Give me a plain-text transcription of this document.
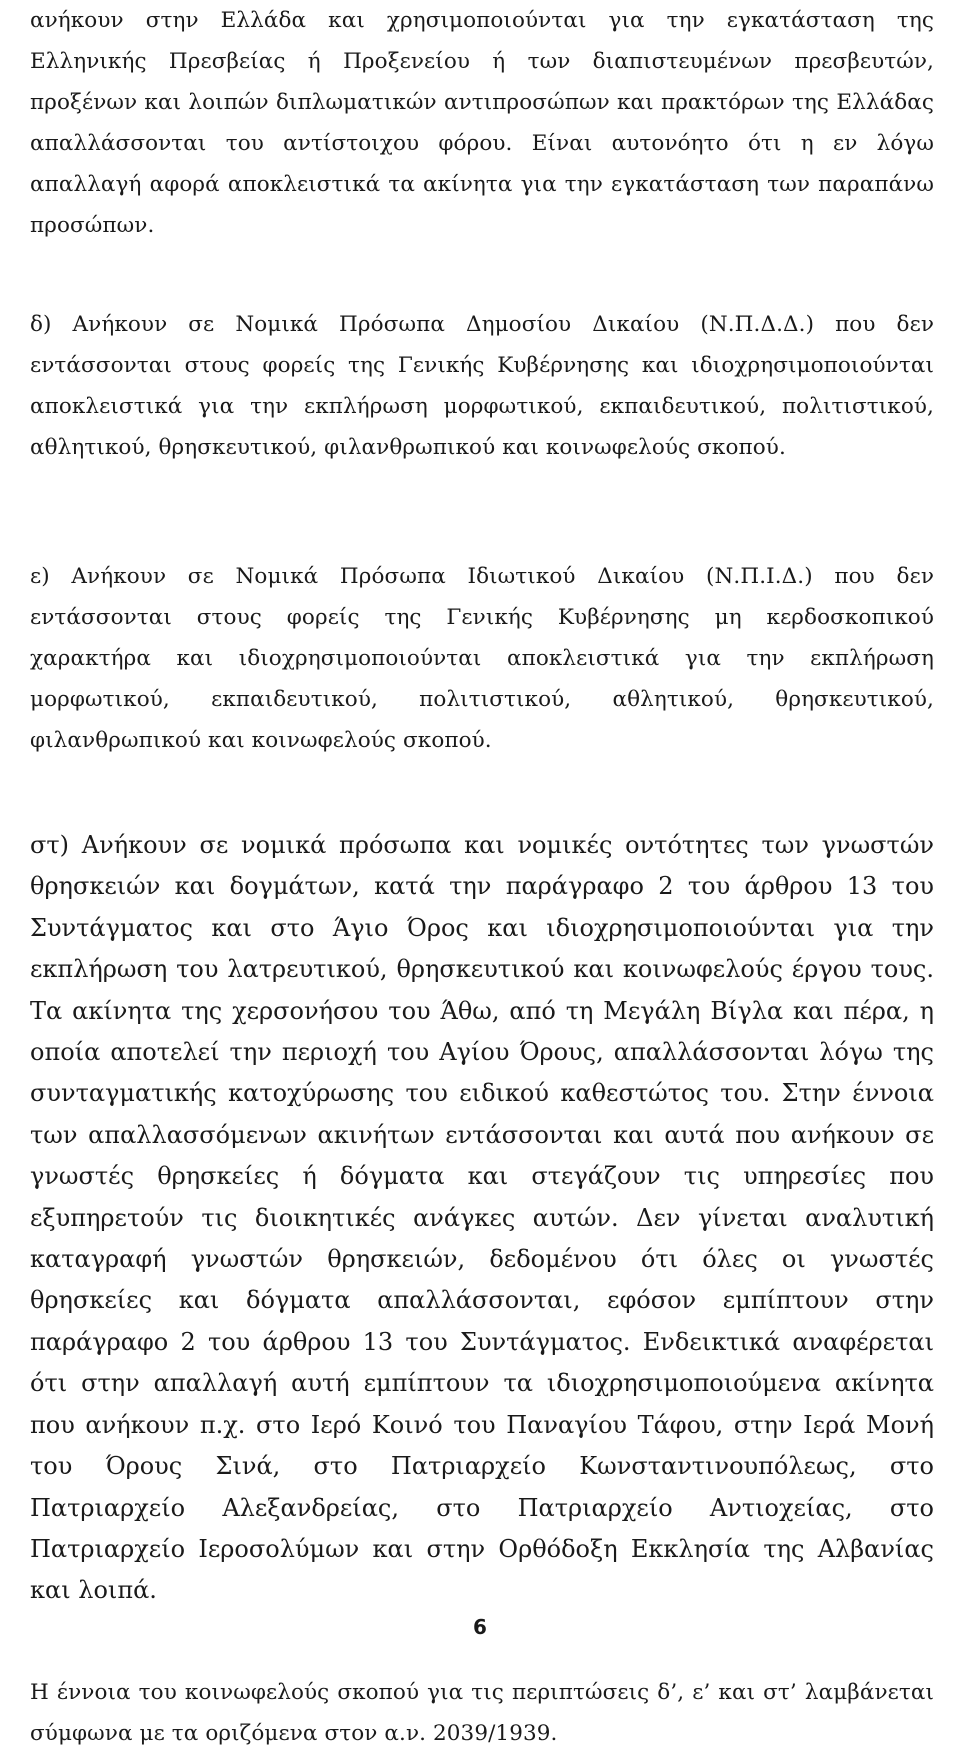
ανήκουν στην Ελλάδα και χρησιμοποιούνται για την εγκατάσταση της Ελληνικής Πρεσβείας ή Προξενείου ή των διαπιστευμένων πρεσβευτών, προξένων και λοιπών διπλωματικών αντιπροσώπων και πρακτόρων της Ελλάδας απαλλάσσονται του αντίστοιχου φόρου. Είναι αυτονόητο ότι η εν λόγω απαλλαγή αφορά αποκλειστικά τα ακίνητα για την εγκατάσταση των παραπάνω προσώπων.

δ) Ανήκουν σε Νομικά Πρόσωπα Δημοσίου Δικαίου (Ν.Π.Δ.Δ.) που δεν εντάσσονται στους φορείς της Γενικής Κυβέρνησης και ιδιοχρησιμοποιούνται αποκλειστικά για την εκπλήρωση μορφωτικού, εκπαιδευτικού, πολιτιστικού, αθλητικού, θρησκευτικού, φιλανθρωπικού και κοινωφελούς σκοπού.

ε) Ανήκουν σε Νομικά Πρόσωπα Ιδιωτικού Δικαίου (Ν.Π.Ι.Δ.) που δεν εντάσσονται στους φορείς της Γενικής Κυβέρνησης μη κερδοσκοπικού χαρακτήρα και ιδιοχρησιμοποιούνται αποκλειστικά για την εκπλήρωση μορφωτικού, εκπαιδευτικού, πολιτιστικού, αθλητικού, θρησκευτικού, φιλανθρωπικού και κοινωφελούς σκοπού.

στ) Ανήκουν σε νομικά πρόσωπα και νομικές οντότητες των γνωστών θρησκειών και δογμάτων, κατά την παράγραφο 2 του άρθρου 13 του Συντάγματος και στο Άγιο Όρος και ιδιοχρησιμοποιούνται για την εκπλήρωση του λατρευτικού, θρησκευτικού και κοινωφελούς έργου τους. Τα ακίνητα της χερσονήσου του Άθω, από τη Μεγάλη Βίγλα και πέρα, η οποία αποτελεί την περιοχή του Αγίου Όρους, απαλλάσσονται λόγω της συνταγματικής κατοχύρωσης του ειδικού καθεστώτος του. Στην έννοια των απαλλασσόμενων ακινήτων εντάσσονται και αυτά που ανήκουν σε γνωστές θρησκείες ή δόγματα και στεγάζουν τις υπηρεσίες που εξυπηρετούν τις διοικητικές ανάγκες αυτών. Δεν γίνεται αναλυτική καταγραφή γνωστών θρησκειών, δεδομένου ότι όλες οι γνωστές θρησκείες και δόγματα απαλλάσσονται, εφόσον εμπίπτουν στην παράγραφο 2 του άρθρου 13 του Συντάγματος. Ενδεικτικά αναφέρεται ότι στην απαλλαγή αυτή εμπίπτουν τα ιδιοχρησιμοποιούμενα ακίνητα που ανήκουν π.χ. στο Ιερό Κοινό του Παναγίου Τάφου, στην Ιερά Μονή του Όρους Σινά, στο Πατριαρχείο Κωνσταντινουπόλεως, στο Πατριαρχείο Αλεξανδρείας, στο Πατριαρχείο Αντιοχείας, στο Πατριαρχείο Ιεροσολύμων και στην Ορθόδοξη Εκκλησία της Αλβανίας και λοιπά.

Η έννοια του κοινωφελούς σκοπού για τις περιπτώσεις δ’, ε’ και στ’ λαμβάνεται σύμφωνα με τα οριζόμενα στον α.ν. 2039/1939.

6
